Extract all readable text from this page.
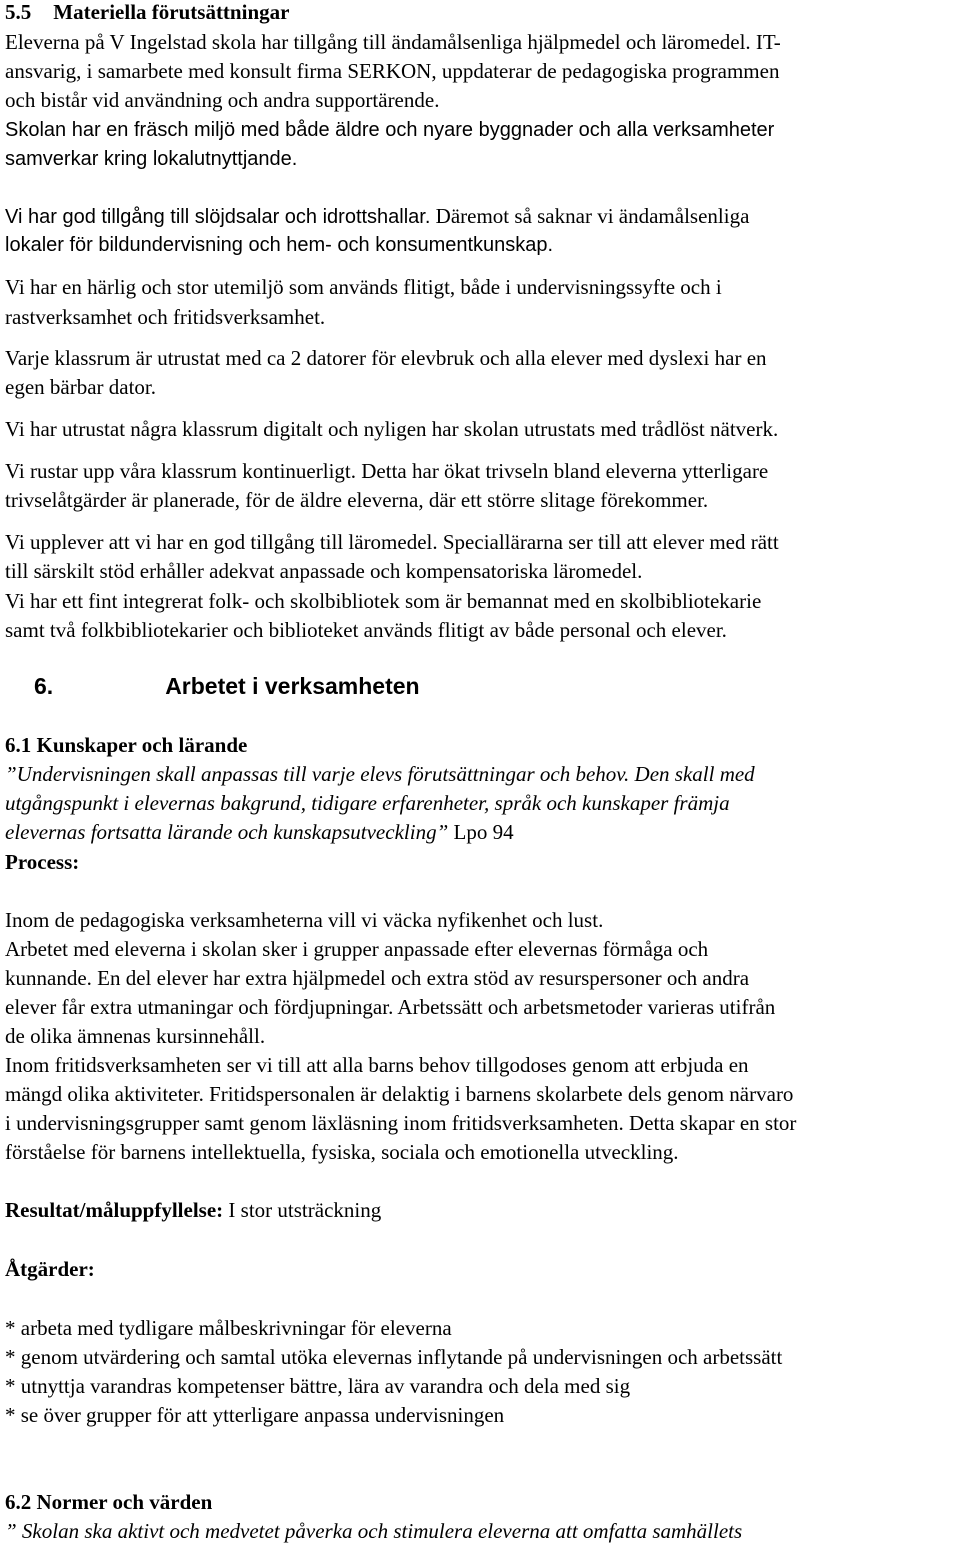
5.5 Materiella förutsättningar
Eleverna på V Ingelstad skola har tillgång till ändamålsenliga hjälpmedel och läromedel. IT-
ansvarig, i samarbete med konsult firma SERKON, uppdaterar de pedagogiska programmen
och bistår vid användning och andra supportärende.
Skolan har en fräsch miljö med både äldre och nyare byggnader och alla verksamheter
samverkar kring lokalutnyttjande.
Vi har god tillgång till slöjdsalar och idrottshallar. Däremot så saknar vi ändamålsenliga
lokaler för bildundervisning och hem- och konsumentkunskap.
Vi har en härlig och stor utemiljö som används flitigt, både i undervisningssyfte och i
rastverksamhet och fritidsverksamhet.
Varje klassrum är utrustat med ca 2 datorer för elevbruk och alla elever med dyslexi har en
egen bärbar dator.
Vi har utrustat några klassrum digitalt och nyligen har skolan utrustats med trådlöst nätverk.
Vi rustar upp våra klassrum kontinuerligt. Detta har ökat trivseln bland eleverna ytterligare
trivselåtgärder är planerade, för de äldre eleverna, där ett större slitage förekommer.
Vi upplever att vi har en god tillgång till läromedel. Speciallärarna ser till att elever med rätt
till särskilt stöd erhåller adekvat anpassade och kompensatoriska läromedel.
Vi har ett fint integrerat folk- och skolbibliotek som är bemannat med en skolbibliotekarie
samt två folkbibliotekarier och biblioteket används flitigt av både personal och elever.
6.	Arbetet i verksamheten
6.1 Kunskaper och lärande
”Undervisningen skall anpassas till varje elevs förutsättningar och behov. Den skall med
utgångspunkt i elevernas bakgrund, tidigare erfarenheter, språk och kunskaper främja
elevernas fortsatta lärande och kunskapsutveckling” Lpo 94
Process:
Inom de pedagogiska verksamheterna vill vi väcka nyfikenhet och lust.
Arbetet med eleverna i skolan sker i grupper anpassade efter elevernas förmåga och
kunnande. En del elever har extra hjälpmedel och extra stöd av resurspersoner och andra
elever får extra utmaningar och fördjupningar. Arbetssätt och arbetsmetoder varieras utifrån
de olika ämnenas kursinnehåll.
Inom fritidsverksamheten ser vi till att alla barns behov tillgodoses genom att erbjuda en
mängd olika aktiviteter. Fritidspersonalen är delaktig i barnens skolarbete dels genom närvaro
i undervisningsgrupper samt genom läxläsning inom fritidsverksamheten. Detta skapar en stor
förståelse för barnens intellektuella, fysiska, sociala och emotionella utveckling.
Resultat/måluppfyllelse: I stor utsträckning
Åtgärder:
* arbeta med tydligare målbeskrivningar för eleverna
* genom utvärdering och samtal utöka elevernas inflytande på undervisningen och arbetssätt
* utnyttja varandras kompetenser bättre, lära av varandra och dela med sig
* se över grupper för att ytterligare anpassa undervisningen
6.2 Normer och värden
” Skolan ska aktivt och medvetet påverka och stimulera eleverna att omfatta samhällets
